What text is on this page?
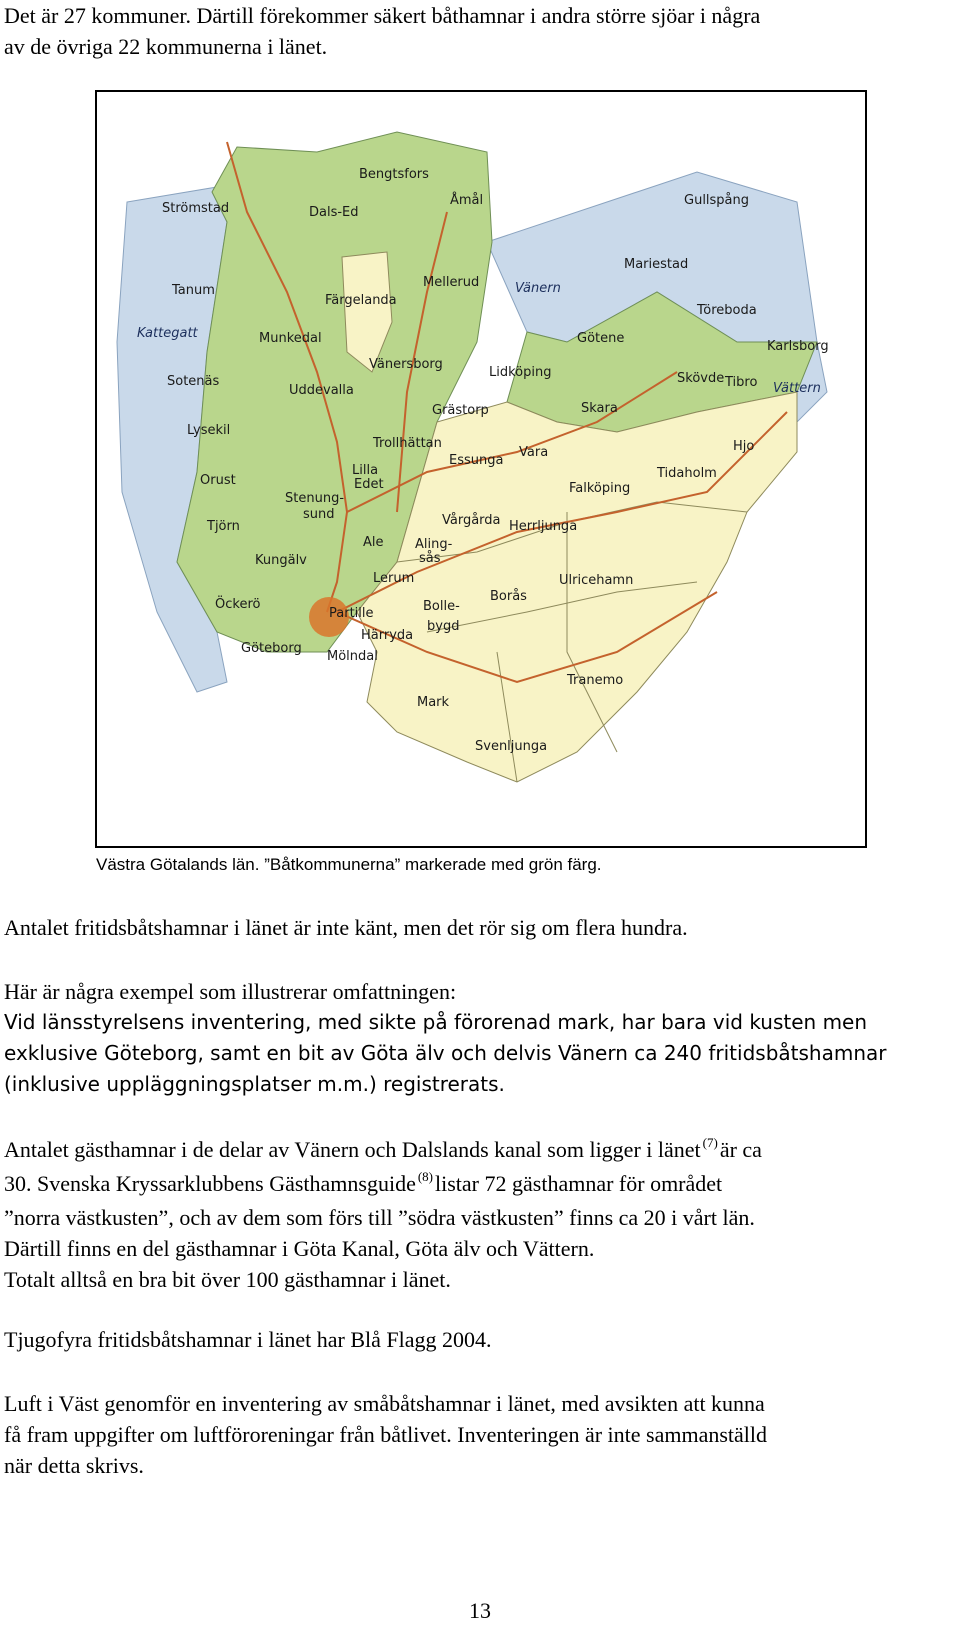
Det är 27 kommuner. Därtill förekommer säkert båthamnar i andra större sjöar i några
av de övriga 22 kommunerna i länet.
Bengtsfors
Åmål
Strömstad	Dals-Ed
Gullspång
Mariestad
Tanum
Mellerud
Färgelanda
Vänern
Töreboda
Kattegatt	Munkedal	Götene
Karlsborg
Vänersborg
Sotenäs
Uddevalla
Lidköping	Skövde Tibro Vättern
Grästorp	Skara
Lysekil
Trollhättan	Hjo
Essunga
Vara
Lilla
Edet
Tidaholm
Orust
Falköping
Stenung-
sund	Vårgårda Herrljunga
Tjörn
Ale Aling-
sås
Kungälv
Lerum	Ulricehamn
Öckerö
Partille	Bolle-
bygd
Borås
Göteborg
Härryda
Mölndal
Tranemo
Mark
Svenljunga
Västra Götalands län. ”Båtkommunerna” markerade med grön färg.
Antalet fritidsbåtshamnar i länet är inte känt, men det rör sig om flera hundra.
Här är några exempel som illustrerar omfattningen:
Vid länsstyrelsens inventering, med sikte på förorenad mark, har bara vid kusten men
exklusive Göteborg, samt en bit av Göta älv och delvis Vänern ca 240 fritidsbåtshamnar
(inklusive uppläggningsplatser m.m.) registrerats.
Antalet gästhamnar i de delar av Vänern och Dalslands kanal som ligger i länet $^{(7)}$är ca
30. Svenska Kryssarklubbens Gästhamnsguide $^{(8)}$listar 72 gästhamnar för området
”norra västkusten”, och av dem som förs till ”södra västkusten” finns ca 20 i vårt län.
Därtill finns en del gästhamnar i Göta Kanal, Göta älv och Vättern.
Totalt alltså en bra bit över 100 gästhamnar i länet.
Tjugofyra fritidsbåtshamnar i länet har Blå Flagg 2004.
Luft i Väst genomför en inventering av småbåtshamnar i länet, med avsikten att kunna
få fram uppgifter om luftföroreningar från båtlivet. Inventeringen är inte sammanställd
när detta skrivs.
13
